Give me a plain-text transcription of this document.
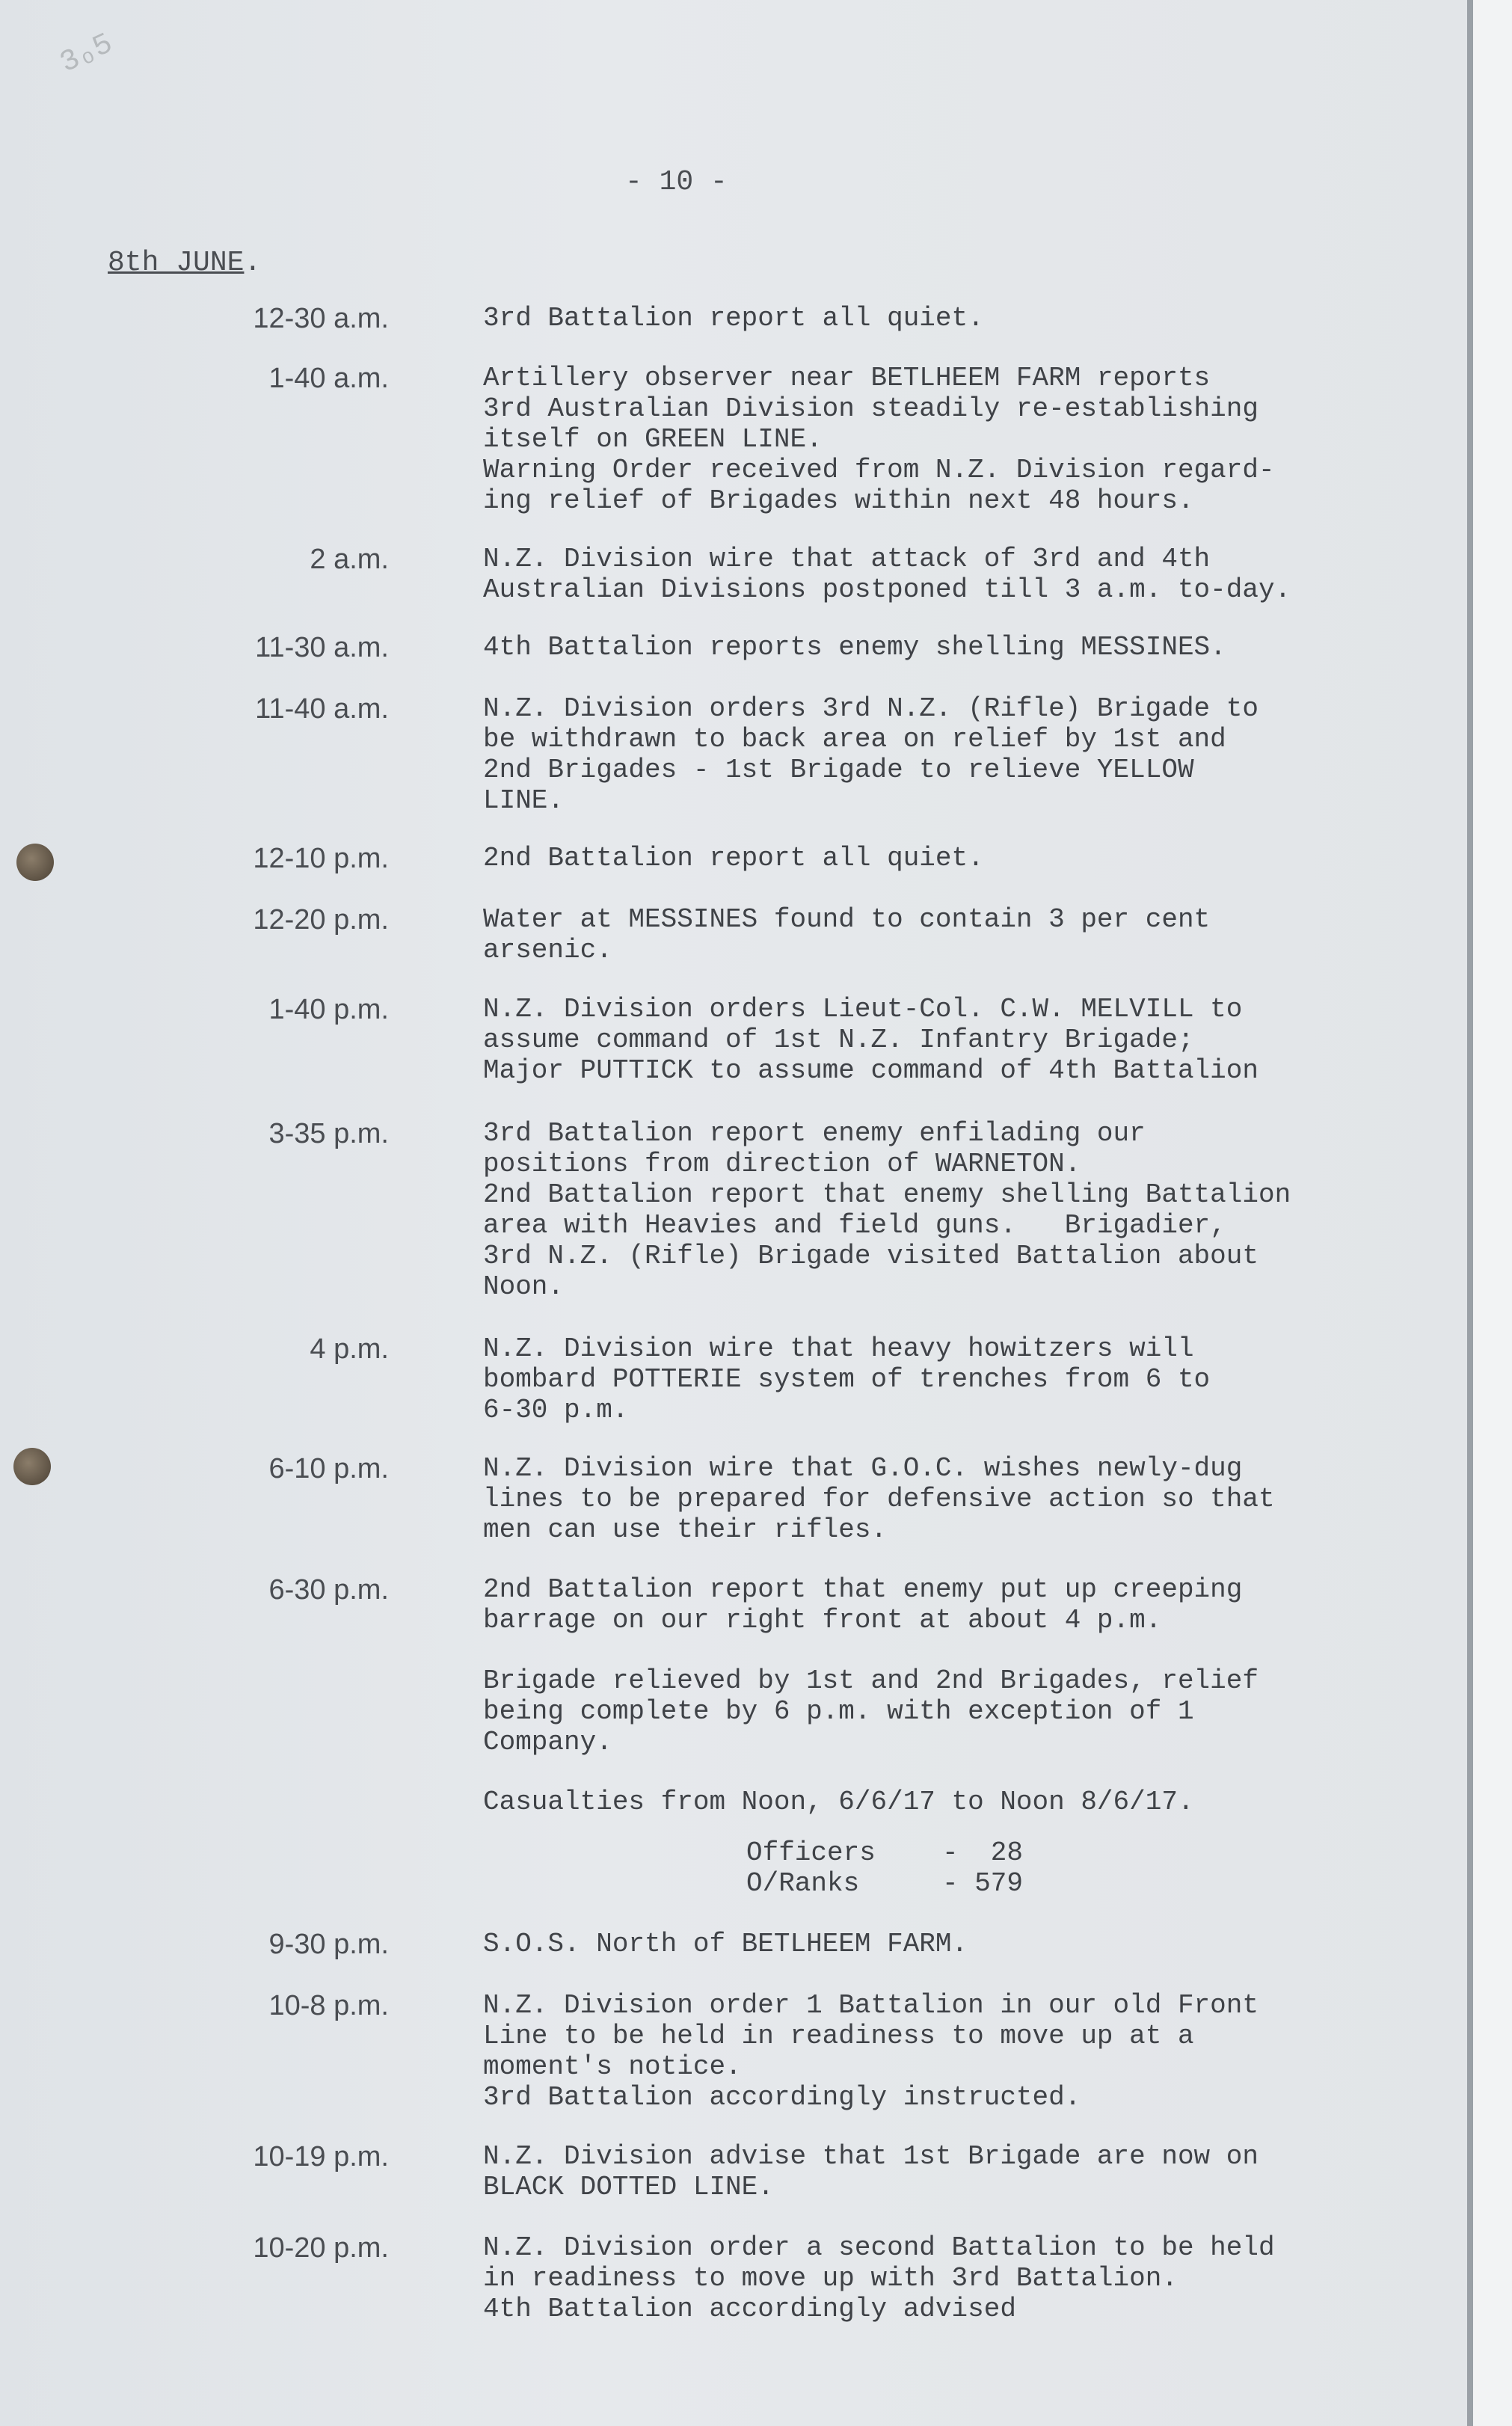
3ₒ5
- 10 -
8th JUNE.
12-30 a.m.	3rd Battalion report all quiet.
1-40 a.m.	Artillery observer near BETLHEEM FARM reports
3rd Australian Division steadily re-establishing
itself on GREEN LINE.
Warning Order received from N.Z. Division regard-
ing relief of Brigades within next 48 hours.
2 a.m.	N.Z. Division wire that attack of 3rd and 4th
Australian Divisions postponed till 3 a.m. to-day.
11-30 a.m.	4th Battalion reports enemy shelling MESSINES.
11-40 a.m.	N.Z. Division orders 3rd N.Z. (Rifle) Brigade to
be withdrawn to back area on relief by 1st and
2nd Brigades - 1st Brigade to relieve YELLOW
LINE.
12-10 p.m.	2nd Battalion report all quiet.
12-20 p.m.	Water at MESSINES found to contain 3 per cent
arsenic.
1-40 p.m.	N.Z. Division orders Lieut-Col. C.W. MELVILL to
assume command of 1st N.Z. Infantry Brigade;
Major PUTTICK to assume command of 4th Battalion
3-35 p.m.	3rd Battalion report enemy enfilading our
positions from direction of WARNETON.
2nd Battalion report that enemy shelling Battalion
area with Heavies and field guns.   Brigadier,
3rd N.Z. (Rifle) Brigade visited Battalion about
Noon.
4 p.m.	N.Z. Division wire that heavy howitzers will
bombard POTTERIE system of trenches from 6 to
6-30 p.m.
6-10 p.m.	N.Z. Division wire that G.O.C. wishes newly-dug
lines to be prepared for defensive action so that
men can use their rifles.
6-30 p.m.	2nd Battalion report that enemy put up creeping
barrage on our right front at about 4 p.m.
Brigade relieved by 1st and 2nd Brigades, relief
being complete by 6 p.m. with exception of 1
Company.
Casualties from Noon, 6/6/17 to Noon 8/6/17.
Officers	-  28
O/Ranks	- 579
9-30 p.m.	S.O.S. North of BETLHEEM FARM.
10-8 p.m.	N.Z. Division order 1 Battalion in our old Front
Line to be held in readiness to move up at a
moment's notice.
3rd Battalion accordingly instructed.
10-19 p.m.	N.Z. Division advise that 1st Brigade are now on
BLACK DOTTED LINE.
10-20 p.m.	N.Z. Division order a second Battalion to be held
in readiness to move up with 3rd Battalion.
4th Battalion accordingly advised
